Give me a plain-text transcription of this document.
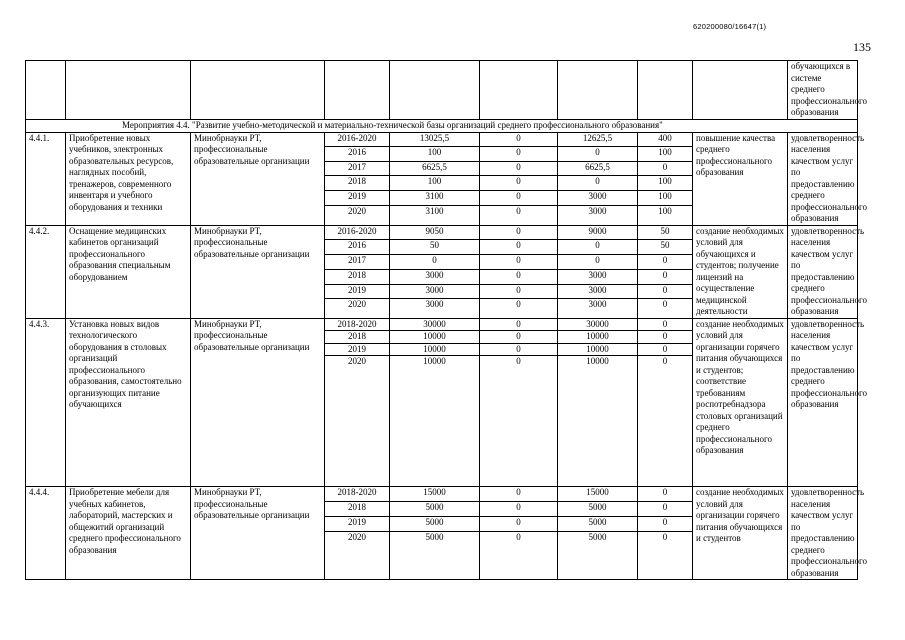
620200080/16647(1)
135
									обучающихся в системе среднего профессионального образования
Мероприятия 4.4. "Развитие учебно-методической и материально-технической базы организаций среднего профессионального образования"									
4.4.1.	Приобретение новых учебников, электронных образовательных ресурсов, наглядных пособий, тренажеров, современного инвентаря и учебного оборудования и техники	Минобрнауки РТ, профессиональные образовательные организации	2016-2020	13025,5	0	12625,5	400	повышение качества среднего профессионального образования	удовлетворенность населения качеством услуг по предоставлению среднего профессионального образования
			2016	100	0	0	100		
			2017	6625,5	0	6625,5	0		
			2018	100	0	0	100		
			2019	3100	0	3000	100		
			2020	3100	0	3000	100		
4.4.2.	Оснащение медицинских кабинетов организаций профессионального образования специальным оборудованием	Минобрнауки РТ, профессиональные образовательные организации	2016-2020	9050	0	9000	50	создание необходимых условий для обучающихся и студентов; получение лицензий на осуществление медицинской деятельности	удовлетворенность населения качеством услуг по предоставлению среднего профессионального образования
			2016	50	0	0	50		
			2017	0	0	0	0		
			2018	3000	0	3000	0		
			2019	3000	0	3000	0		
			2020	3000	0	3000	0		
4.4.3.	Установка новых видов технологического оборудования в столовых организаций профессионального образования, самостоятельно организующих питание обучающихся	Минобрнауки РТ, профессиональные образовательные организации	2018-2020	30000	0	30000	0	создание необходимых условий для организации горячего питания обучающихся и студентов; соответствие требованиям роспотребнадзора столовых организаций среднего профессионального образования	удовлетворенность населения качеством услуг по предоставлению среднего профессионального образования
			2018	10000	0	10000	0		
			2019	10000	0	10000	0		
			2020	10000	0	10000	0		
4.4.4.	Приобретение мебели для учебных кабинетов, лабораторий, мастерских и общежитий организаций среднего профессионального образования	Минобрнауки РТ, профессиональные образовательные организации	2018-2020	15000	0	15000	0	создание необходимых условий для организации горячего питания обучающихся и студентов	удовлетворенность населения качеством услуг по предоставлению среднего профессионального образования
			2018	5000	0	5000	0		
			2019	5000	0	5000	0		
			2020	5000	0	5000	0		
